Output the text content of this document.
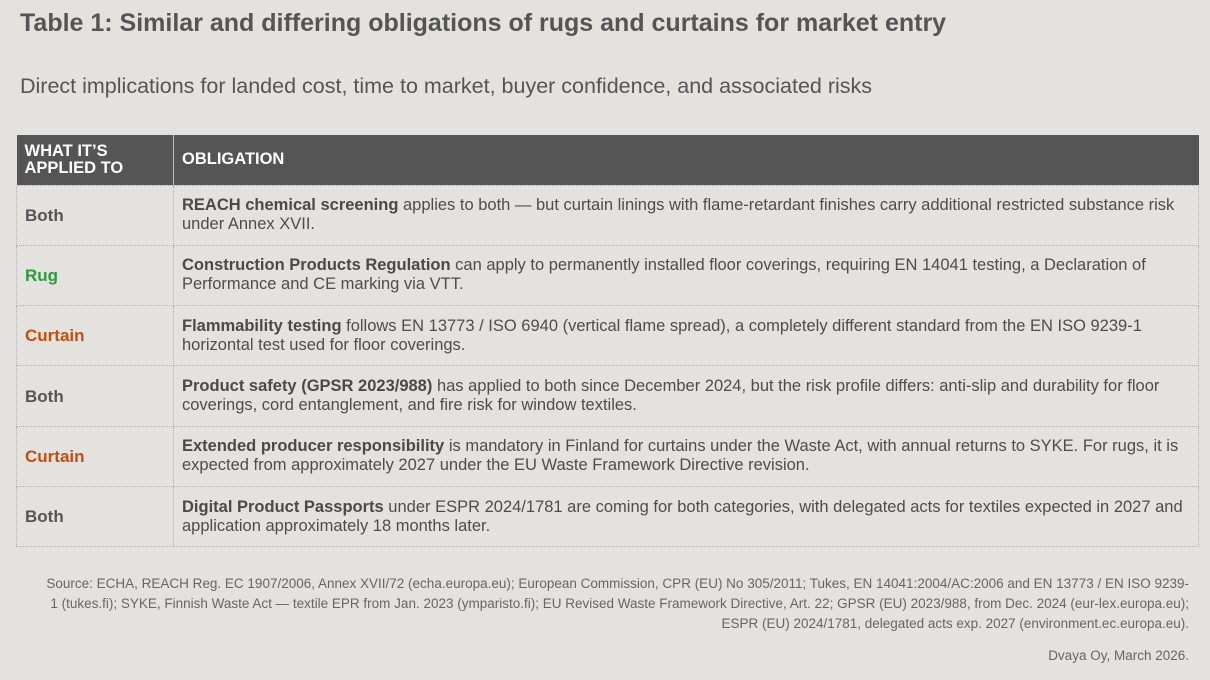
Table 1: Similar and differing obligations of rugs and curtains for market entry
Direct implications for landed cost, time to market, buyer confidence, and associated risks
WHAT IT’S
APPLIED TO	OBLIGATION
Both	REACH chemical screening applies to both — but curtain linings with flame-retardant finishes carry additional restricted substance risk under Annex XVII.
Rug	Construction Products Regulation can apply to permanently installed floor coverings, requiring EN 14041 testing, a Declaration of Performance and CE marking via VTT.
Curtain	Flammability testing follows EN 13773 / ISO 6940 (vertical flame spread), a completely different standard from the EN ISO 9239-1 horizontal test used for floor coverings.
Both	Product safety (GPSR 2023/988) has applied to both since December 2024, but the risk profile differs: anti-slip and durability for floor coverings, cord entanglement, and fire risk for window textiles.
Curtain	Extended producer responsibility is mandatory in Finland for curtains under the Waste Act, with annual returns to SYKE. For rugs, it is expected from approximately 2027 under the EU Waste Framework Directive revision.
Both	Digital Product Passports under ESPR 2024/1781 are coming for both categories, with delegated acts for textiles expected in 2027 and application approximately 18 months later.
Source: ECHA, REACH Reg. EC 1907/2006, Annex XVII/72 (echa.europa.eu); European Commission, CPR (EU) No 305/2011; Tukes, EN 14041:2004/AC:2006 and EN 13773 / EN ISO 9239-1 (tukes.fi); SYKE, Finnish Waste Act — textile EPR from Jan. 2023 (ymparisto.fi); EU Revised Waste Framework Directive, Art. 22; GPSR (EU) 2023/988, from Dec. 2024 (eur-lex.europa.eu); ESPR (EU) 2024/1781, delegated acts exp. 2027 (environment.ec.europa.eu).
Dvaya Oy, March 2026.
